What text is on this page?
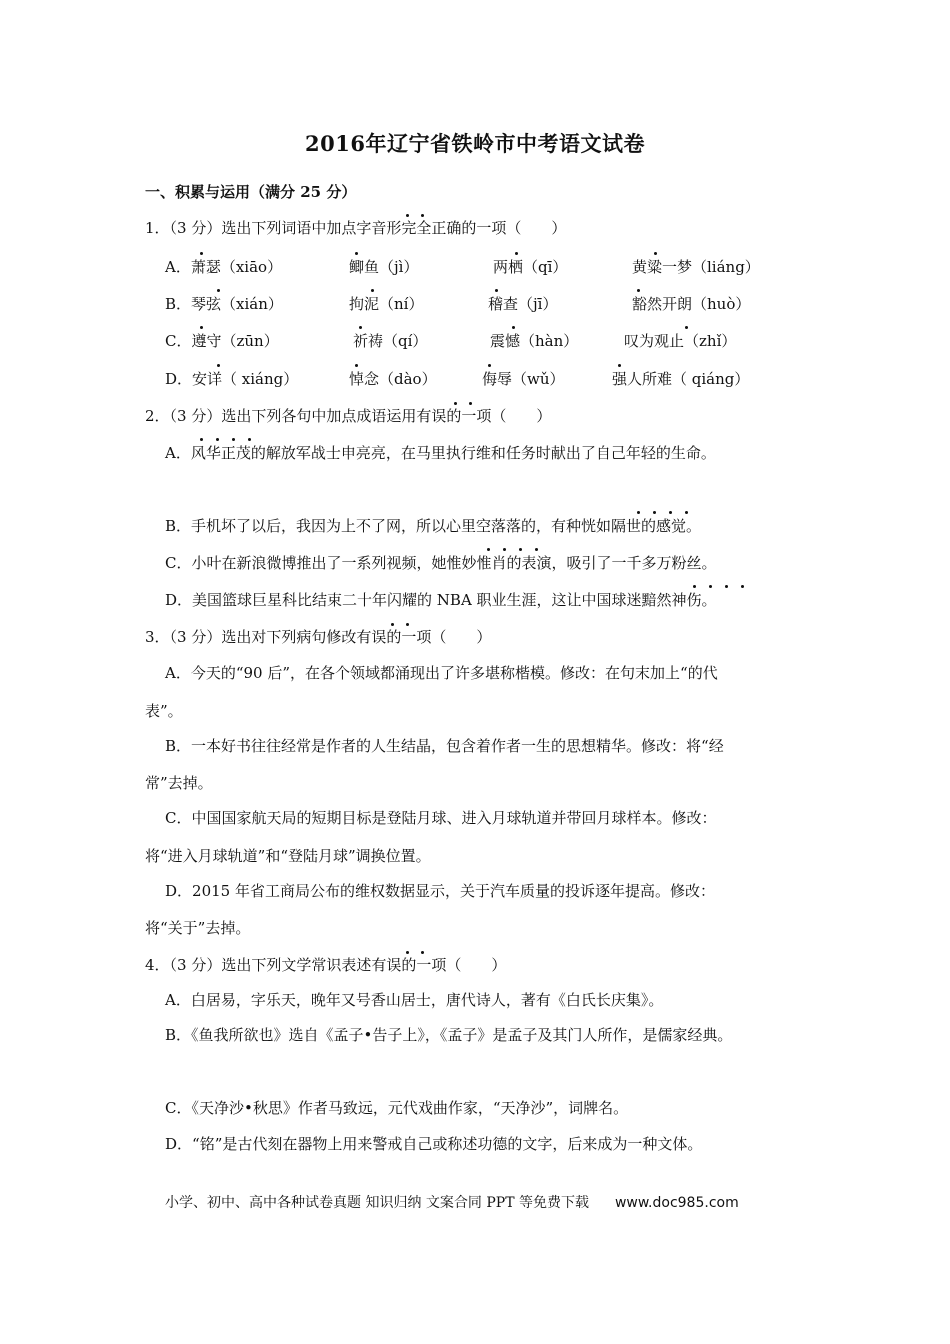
2016年辽宁省铁岭市中考语文试卷
一、积累与运用（满分 25 分）
1．（3 分）选出下列词语中加点字音形完全正确的一项（　　）
A．萧瑟（xiāo）	鲫鱼（jì）	两栖（qī）	黄粱一梦（liáng）
B．琴弦（xián）	拘泥（ní）	稽查（jī）	豁然开朗（huò）
C．遵守（zūn）	祈祷（qí）	震憾（hàn）	叹为观止（zhǐ）
D．安详（ xiáng）	悼念（dào）	侮辱（wǔ）	强人所难（ qiáng）
2．（3 分）选出下列各句中加点成语运用有误的一项（　　）
A．风华正茂的解放军战士申亮亮，在马里执行维和任务时献出了自己年轻的生命。
B．手机坏了以后，我因为上不了网，所以心里空落落的，有种恍如隔世的感觉。
C．小叶在新浪微博推出了一系列视频，她惟妙惟肖的表演，吸引了一千多万粉丝。
D．美国篮球巨星科比结束二十年闪耀的 NBA 职业生涯，这让中国球迷黯然神伤。
3．（3 分）选出对下列病句修改有误的一项（　　）
A．今天的“90 后”，在各个领域都涌现出了许多堪称楷模。修改：在句末加上“的代
表”。
B．一本好书往往经常是作者的人生结晶，包含着作者一生的思想精华。修改：将“经
常”去掉。
C．中国国家航天局的短期目标是登陆月球、进入月球轨道并带回月球样本。修改：
将“进入月球轨道”和“登陆月球”调换位置。
D．2015 年省工商局公布的维权数据显示，关于汽车质量的投诉逐年提高。修改：
将“关于”去掉。
4．（3 分）选出下列文学常识表述有误的一项（　　）
A．白居易，字乐天，晚年又号香山居士，唐代诗人，著有《白氏长庆集》。
B．《鱼我所欲也》选自《孟子•告子上》，《孟子》是孟子及其门人所作，是儒家经典。
C．《天净沙•秋思》作者马致远，元代戏曲作家，“天净沙”，词牌名。
D．“铭”是古代刻在器物上用来警戒自己或称述功德的文字，后来成为一种文体。
小学、初中、高中各种试卷真题 知识归纳 文案合同 PPT 等免费下载 www.doc985.com
